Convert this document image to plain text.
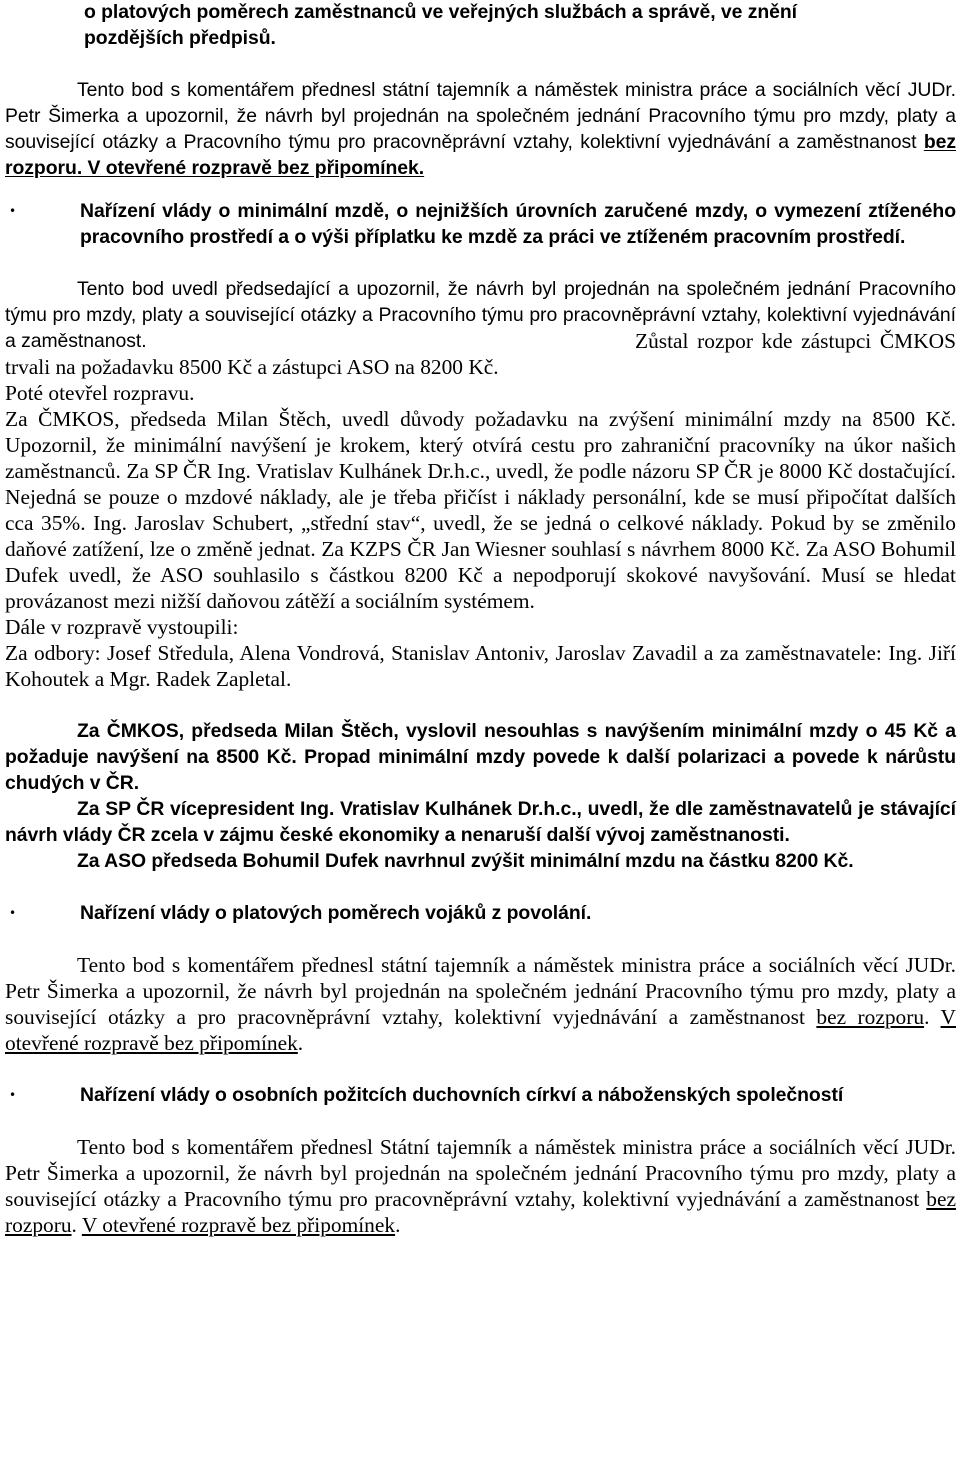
o platových poměrech zaměstnanců ve veřejných službách a správě, ve znění
pozdějších předpisů.

Tento bod s komentářem přednesl státní tajemník a náměstek ministra práce a sociálních věcí JUDr. Petr Šimerka a upozornil, že návrh byl projednán na společném jednání Pracovního týmu pro mzdy, platy a související otázky a Pracovního týmu pro pracovněprávní vztahy, kolektivní vyjednávání a zaměstnanost bez rozporu. V otevřené rozpravě bez připomínek.

•	Nařízení vlády o minimální mzdě, o nejnižších úrovních zaručené mzdy, o vymezení ztíženého pracovního prostředí a o výši příplatku ke mzdě za práci ve ztíženém pracovním prostředí.

Tento bod uvedl předsedající a upozornil, že návrh byl projednán na společném jednání Pracovního týmu pro mzdy, platy a související otázky a Pracovního týmu pro pracovněprávní vztahy, kolektivní vyjednávání a zaměstnanost.	Zůstal rozpor kde zástupci ČMKOS trvali na požadavku 8500 Kč a zástupci ASO na 8200 Kč.
Poté otevřel rozpravu.
Za ČMKOS, předseda Milan Štěch, uvedl důvody požadavku na zvýšení minimální mzdy na 8500 Kč. Upozornil, že minimální navýšení je krokem, který otvírá cestu pro zahraniční pracovníky na úkor našich zaměstnanců. Za SP ČR Ing. Vratislav Kulhánek Dr.h.c., uvedl, že podle názoru SP ČR je 8000 Kč dostačující. Nejedná se pouze o mzdové náklady, ale je třeba přičíst i náklady personální, kde se musí připočítat dalších cca 35%. Ing. Jaroslav Schubert, „střední stav“, uvedl, že se jedná o celkové náklady. Pokud by se změnilo daňové zatížení, lze o změně jednat. Za KZPS ČR Jan Wiesner souhlasí s návrhem 8000 Kč. Za ASO Bohumil Dufek uvedl, že ASO souhlasilo s částkou 8200 Kč a nepodporují skokové navyšování. Musí se hledat provázanost mezi nižší daňovou zátěží a sociálním systémem.
Dále v rozpravě vystoupili:
Za odbory: Josef Středula, Alena Vondrová, Stanislav Antoniv, Jaroslav Zavadil a za zaměstnavatele: Ing. Jiří Kohoutek a Mgr. Radek Zapletal.

Za ČMKOS, předseda Milan Štěch, vyslovil nesouhlas s navýšením minimální mzdy o 45 Kč a požaduje navýšení na 8500 Kč. Propad minimální mzdy povede k další polarizaci a povede k nárůstu chudých v ČR.

Za SP ČR vícepresident Ing. Vratislav Kulhánek Dr.h.c., uvedl, že dle zaměstnavatelů je stávající návrh vlády ČR zcela v zájmu české ekonomiky a nenaruší další vývoj zaměstnanosti.

Za ASO předseda Bohumil Dufek navrhnul zvýšit minimální mzdu na částku 8200 Kč.

•	Nařízení vlády o platových poměrech vojáků z povolání.

Tento bod s komentářem přednesl státní tajemník a náměstek ministra práce a sociálních věcí JUDr. Petr Šimerka a upozornil, že návrh byl projednán na společném jednání Pracovního týmu pro mzdy, platy a související otázky a pro pracovněprávní vztahy, kolektivní vyjednávání a zaměstnanost bez rozporu. V otevřené rozpravě bez připomínek.

•	Nařízení vlády o osobních požitcích duchovních církví a náboženských společností

Tento bod s komentářem přednesl Státní tajemník a náměstek ministra práce a sociálních věcí JUDr. Petr Šimerka a upozornil, že návrh byl projednán na společném jednání Pracovního týmu pro mzdy, platy a související otázky a Pracovního týmu pro pracovněprávní vztahy, kolektivní vyjednávání a zaměstnanost bez rozporu. V otevřené rozpravě bez připomínek.
